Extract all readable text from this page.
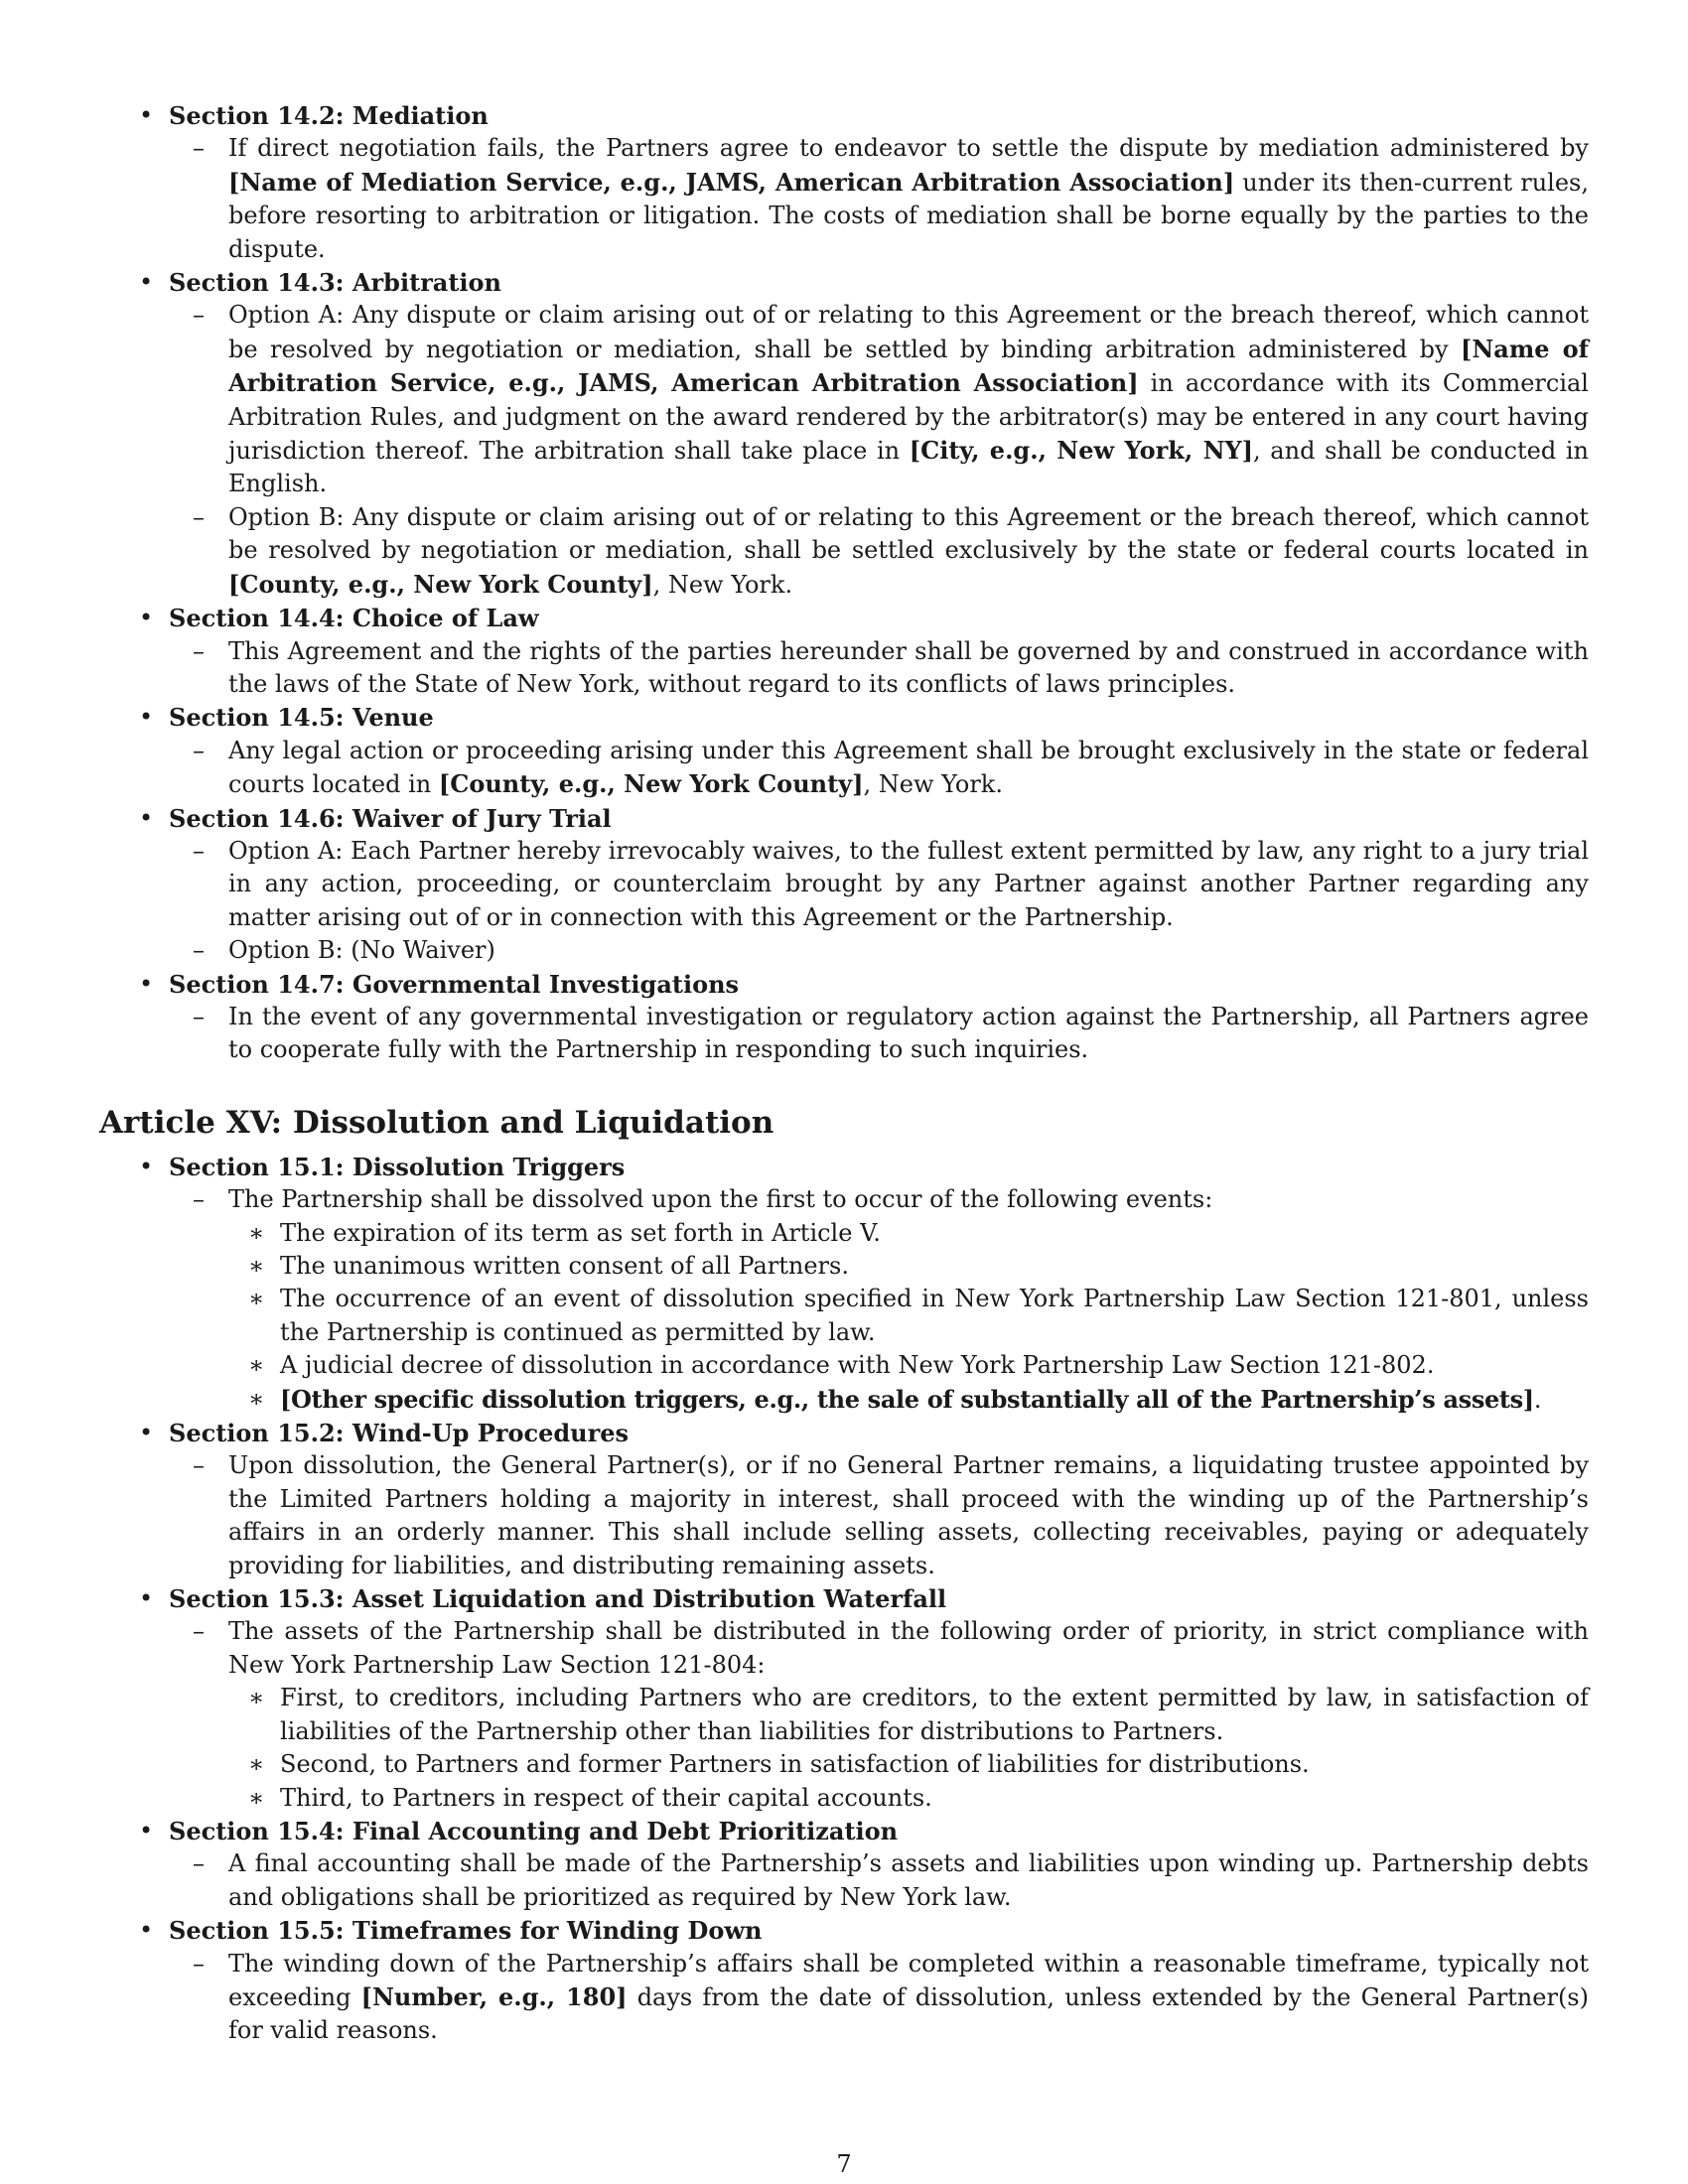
• Section 14.2: Mediation

– If direct negotiation fails, the Partners agree to endeavor to settle the dispute by mediation administered by [Name of Mediation Service, e.g., JAMS, American Arbitration Association] under its then-current rules, before resorting to arbitration or litigation. The costs of mediation shall be borne equally by the parties to the dispute.

• Section 14.3: Arbitration

– Option A: Any dispute or claim arising out of or relating to this Agreement or the breach thereof, which cannot be resolved by negotiation or mediation, shall be settled by binding arbitration administered by [Name of Arbitration Service, e.g., JAMS, American Arbitration Association] in accordance with its Commercial Arbitration Rules, and judgment on the award rendered by the arbitrator(s) may be entered in any court having jurisdiction thereof. The arbitration shall take place in [City, e.g., New York, NY], and shall be conducted in English.

– Option B: Any dispute or claim arising out of or relating to this Agreement or the breach thereof, which cannot be resolved by negotiation or mediation, shall be settled exclusively by the state or federal courts located in [County, e.g., New York County], New York.

• Section 14.4: Choice of Law

– This Agreement and the rights of the parties hereunder shall be governed by and construed in accordance with the laws of the State of New York, without regard to its conflicts of laws principles.

• Section 14.5: Venue

– Any legal action or proceeding arising under this Agreement shall be brought exclusively in the state or federal courts located in [County, e.g., New York County], New York.

• Section 14.6: Waiver of Jury Trial

– Option A: Each Partner hereby irrevocably waives, to the fullest extent permitted by law, any right to a jury trial in any action, proceeding, or counterclaim brought by any Partner against another Partner regarding any matter arising out of or in connection with this Agreement or the Partnership.

– Option B: (No Waiver)

• Section 14.7: Governmental Investigations

– In the event of any governmental investigation or regulatory action against the Partnership, all Partners agree to cooperate fully with the Partnership in responding to such inquiries.

Article XV: Dissolution and Liquidation

• Section 15.1: Dissolution Triggers

– The Partnership shall be dissolved upon the first to occur of the following events:

∗ The expiration of its term as set forth in Article V.

∗ The unanimous written consent of all Partners.

∗ The occurrence of an event of dissolution specified in New York Partnership Law Section 121-801, unless the Partnership is continued as permitted by law.

∗ A judicial decree of dissolution in accordance with New York Partnership Law Section 121-802.

∗ [Other specific dissolution triggers, e.g., the sale of substantially all of the Partnership’s assets].

• Section 15.2: Wind-Up Procedures

– Upon dissolution, the General Partner(s), or if no General Partner remains, a liquidating trustee appointed by the Limited Partners holding a majority in interest, shall proceed with the winding up of the Partnership’s affairs in an orderly manner. This shall include selling assets, collecting receivables, paying or adequately providing for liabilities, and distributing remaining assets.

• Section 15.3: Asset Liquidation and Distribution Waterfall

– The assets of the Partnership shall be distributed in the following order of priority, in strict compliance with New York Partnership Law Section 121-804:

∗ First, to creditors, including Partners who are creditors, to the extent permitted by law, in satisfaction of liabilities of the Partnership other than liabilities for distributions to Partners.

∗ Second, to Partners and former Partners in satisfaction of liabilities for distributions.

∗ Third, to Partners in respect of their capital accounts.

• Section 15.4: Final Accounting and Debt Prioritization

– A final accounting shall be made of the Partnership’s assets and liabilities upon winding up. Partnership debts and obligations shall be prioritized as required by New York law.

• Section 15.5: Timeframes for Winding Down

– The winding down of the Partnership’s affairs shall be completed within a reasonable timeframe, typically not exceeding [Number, e.g., 180] days from the date of dissolution, unless extended by the General Partner(s) for valid reasons.

7
